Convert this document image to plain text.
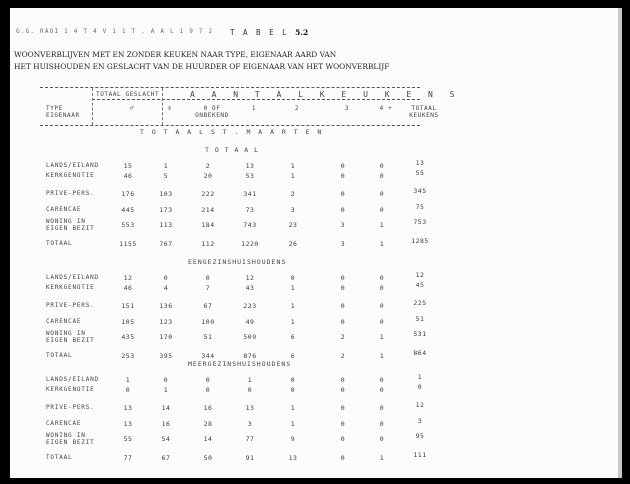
G.G. RAOI 1 4 T 4 V 1 1 T . A A L 1 9 7 2 T A B E L 5.2
WOONVERBLIJVEN MET EN ZONDER KEUKEN NAAR TYPE, EIGENAAR AARD VAN
HET HUISHOUDEN EN GESLACHT VAN DE HUURDER OF EIGENAAR VAN HET WOONVERBLIJF
TOTAAL GESLACHT	A A N T A L K E U K E N S
TYPE
EIGENAAR
♂	♀	0 OF
ONBEKEND
1	2	3	4 +	TOTAAL
KEUKENS
T O T A A L S T . M A A R T E N
T O T A A L
LANDS/EILAND	15	1	2	13	1	0	0	13
KERKGENOTIE	46	5	20	53	1	0	0	55
PRIVE-PERS.	176	103	222	341	2	0	0	345
CARENCAE	445	173	214	73	3	0	0	75
WONING IN
EIGEN BEZIT	553	113	184	743	23	3	1	753
TOTAAL	1155	767	112	1220	26	3	1	1285
EENGEZINSHUISHOUDENS
LANDS/EILAND	12	0	0	12	0	0	0	12
KERKGENOTIE	46	4	7	43	1	0	0	45
PRIVE-PERS.	151	136	67	223	1	0	0	225
CARENCAE	105	123	100	49	1	0	0	51
WONING IN
EIGEN BEZIT	435	170	51	509	6	2	1	531
TOTAAL	253	395	344	876	6	2	1	864
MEERGEZINSHUISHOUDENS
LANDS/EILAND	1	0	0	1	0	0	0	1
KERKGENOTIE	0	1	0	0	0	0	0	0
PRIVE-PERS.	13	14	16	13	1	0	0	12
CARENCAE	13	16	28	3	1	0	0	3
WONING IN
EIGEN BEZIT	55	54	14	77	9	0	0	95
TOTAAL	77	67	50	91	13	0	1	111
